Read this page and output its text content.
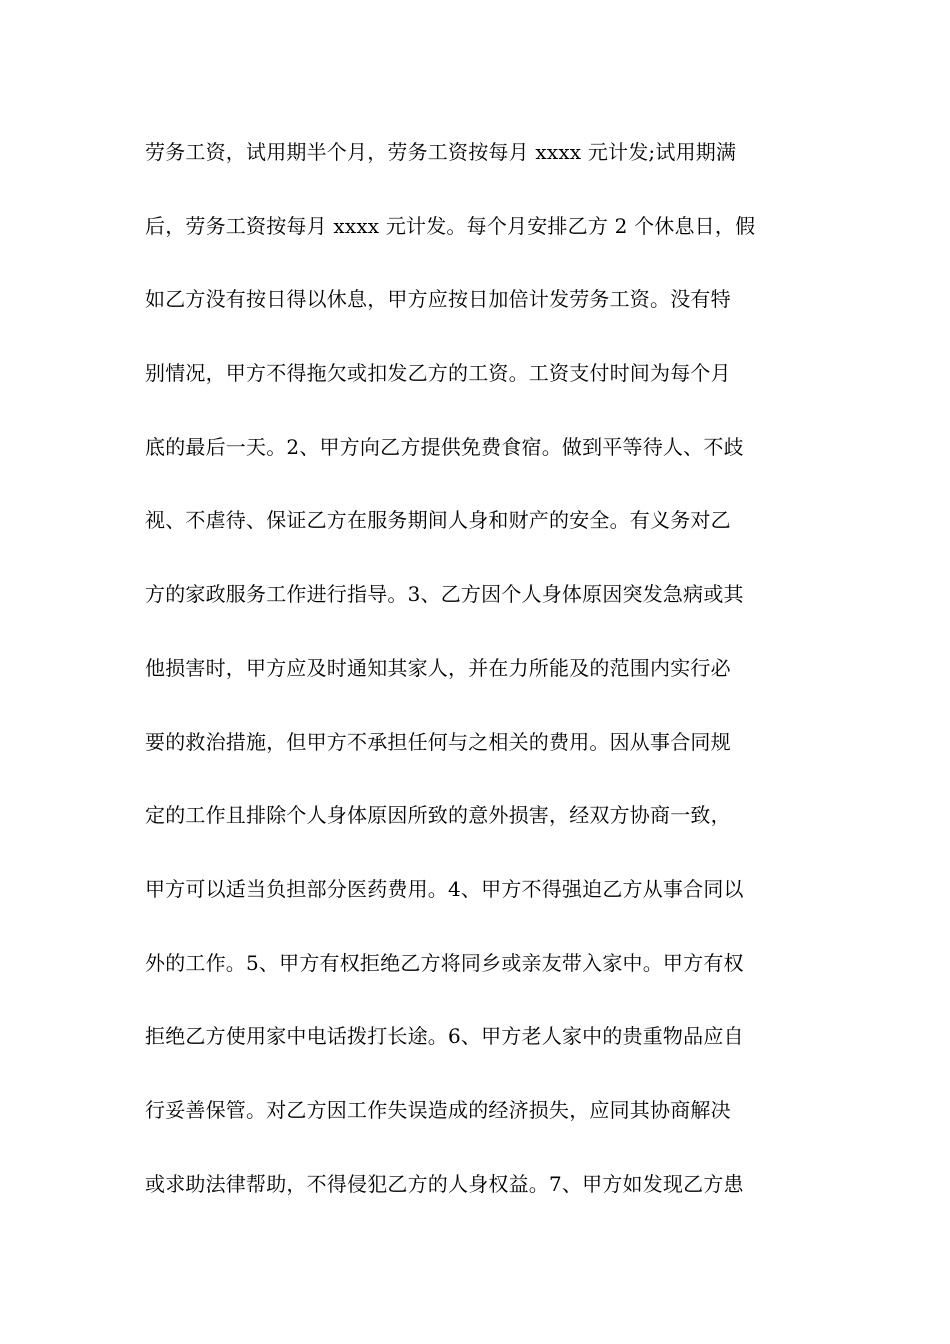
劳务工资，试用期半个月，劳务工资按每月 xxxx 元计发;试用期满
后，劳务工资按每月 xxxx 元计发。每个月安排乙方 2 个休息日，假
如乙方没有按日得以休息，甲方应按日加倍计发劳务工资。没有特
别情况，甲方不得拖欠或扣发乙方的工资。工资支付时间为每个月
底的最后一天。2、甲方向乙方提供免费食宿。做到平等待人、不歧
视、不虐待、保证乙方在服务期间人身和财产的安全。有义务对乙
方的家政服务工作进行指导。3、乙方因个人身体原因突发急病或其
他损害时，甲方应及时通知其家人，并在力所能及的范围内实行必
要的救治措施，但甲方不承担任何与之相关的费用。因从事合同规
定的工作且排除个人身体原因所致的意外损害，经双方协商一致，
甲方可以适当负担部分医药费用。4、甲方不得强迫乙方从事合同以
外的工作。5、甲方有权拒绝乙方将同乡或亲友带入家中。甲方有权
拒绝乙方使用家中电话拨打长途。6、甲方老人家中的贵重物品应自
行妥善保管。对乙方因工作失误造成的经济损失，应同其协商解决
或求助法律帮助，不得侵犯乙方的人身权益。7、甲方如发现乙方患
